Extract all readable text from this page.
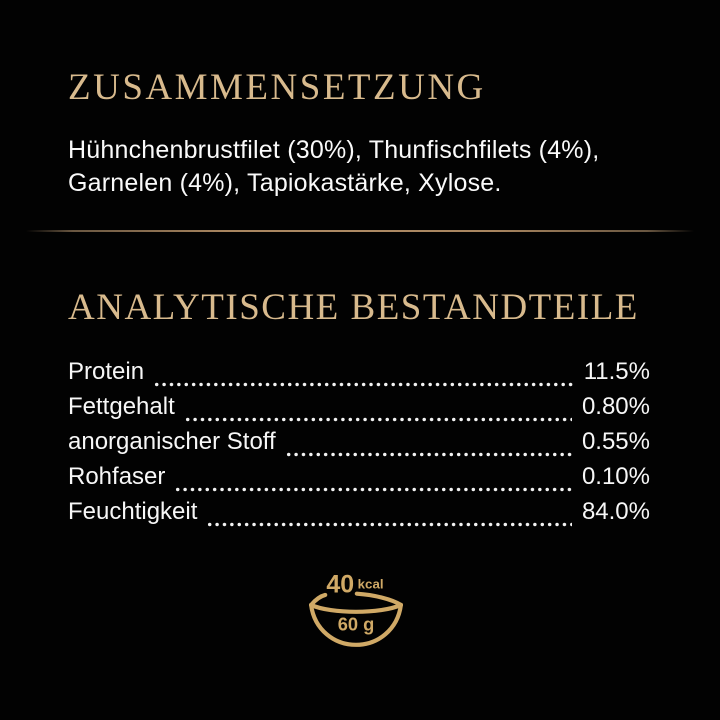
ZUSAMMENSETZUNG
Hühnchenbrustfilet (30%), Thunfischfilets (4%), Garnelen (4%), Tapiokastärke, Xylose.
ANALYTISCHE BESTANDTEILE
Protein	11.5%
Fettgehalt	0.80%
anorganischer Stoff	0.55%
Rohfaser	0.10%
Feuchtigkeit	84.0%
40 kcal
60 g
